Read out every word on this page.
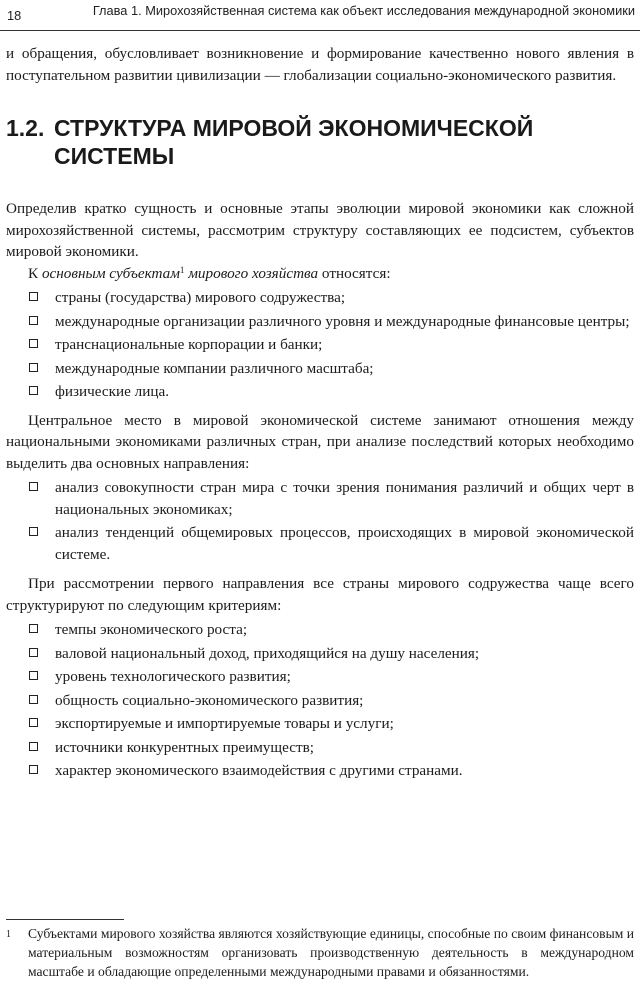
18	Глава 1. Мирохозяйственная система как объект исследования международной экономики

и обращения, обусловливает возникновение и формирование качественно нового явления в поступательном развитии цивилизации — глобализации социально-экономического развития.

1.2. СТРУКТУРА МИРОВОЙ ЭКОНОМИЧЕСКОЙ
СИСТЕМЫ

Определив кратко сущность и основные этапы эволюции мировой экономики как сложной мирохозяйственной системы, рассмотрим структуру составляющих ее подсистем, субъектов мировой экономики.

К основным субъектам$^1$ мирового хозяйства относятся:

страны (государства) мирового содружества;
международные организации различного уровня и международные финансовые центры;
транснациональные корпорации и банки;
международные компании различного масштаба;
физические лица.

Центральное место в мировой экономической системе занимают отношения между национальными экономиками различных стран, при анализе последствий которых необходимо выделить два основных направления:

анализ совокупности стран мира с точки зрения понимания различий и общих черт в национальных экономиках;
анализ тенденций общемировых процессов, происходящих в мировой экономической системе.

При рассмотрении первого направления все страны мирового содружества чаще всего структурируют по следующим критериям:

темпы экономического роста;
валовой национальный доход, приходящийся на душу населения;
уровень технологического развития;
общность социально-экономического развития;
экспортируемые и импортируемые товары и услуги;
источники конкурентных преимуществ;
характер экономического взаимодействия с другими странами.
1	Субъектами мирового хозяйства являются хозяйствующие единицы, способные по своим финансовым и материальным возможностям организовать производственную деятельность в международном масштабе и обладающие определенными международными правами и обязанностями.
